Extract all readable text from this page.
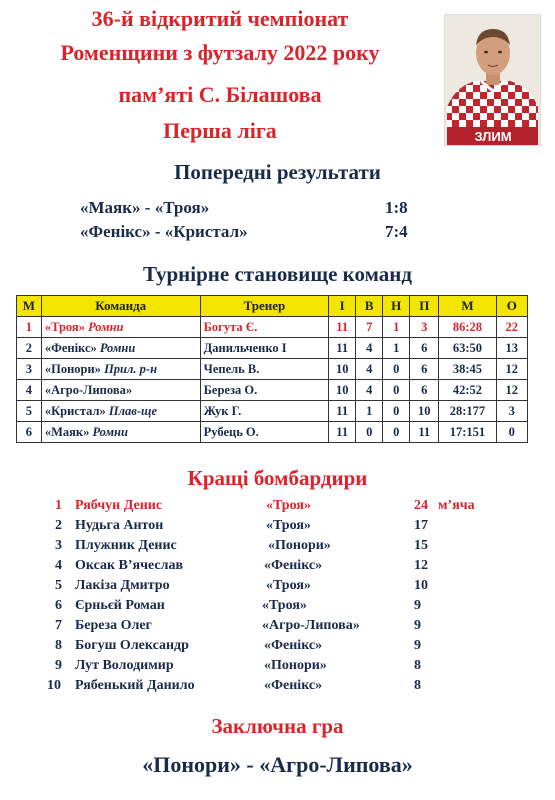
36-й відкритий чемпіонат
Роменщини з футзалу 2022 року
пам’яті С. Білашова
Перша ліга	ЗЛИМ
Попередні результати
«Маяк» - «Троя»	1:8
«Фенікс» - «Кристал»	7:4
Турнірне становище команд
М	Команда	Тренер	І	В	Н	П	М	О
1	«Троя» Ромни	Богута Є.	11	7	1	3	86:28	22
2	«Фенікс» Ромни	Данильченко І	11	4	1	6	63:50	13
3	«Понори» Прил. р-н	Чепель В.	10	4	0	6	38:45	12
4	«Агро-Липова»	Береза О.	10	4	0	6	42:52	12
5	«Кристал» Плав-ще	Жук Г.	11	1	0	10	28:177	3
6	«Маяк» Ромни	Рубець О.	11	0	0	11	17:151	0
Кращі бомбардири
1 Рябчун Денис	«Троя»	24 м’яча
2 Нудьга Антон	«Троя»	17
3 Плужник Денис	«Понори»	15
4 Оксак В’ячеслав	«Фенікс»	12
5 Лакіза Дмитро	«Троя»	10
6 Єрньєй Роман	«Троя»	9
7 Береза Олег	«Агро-Липова»	9
8 Богуш Олександр	«Фенікс»	9
9 Лут Володимир	«Понори»	8
10 Рябенький Данило	«Фенікс»	8
Заключна гра
«Понори» - «Агро-Липова»
